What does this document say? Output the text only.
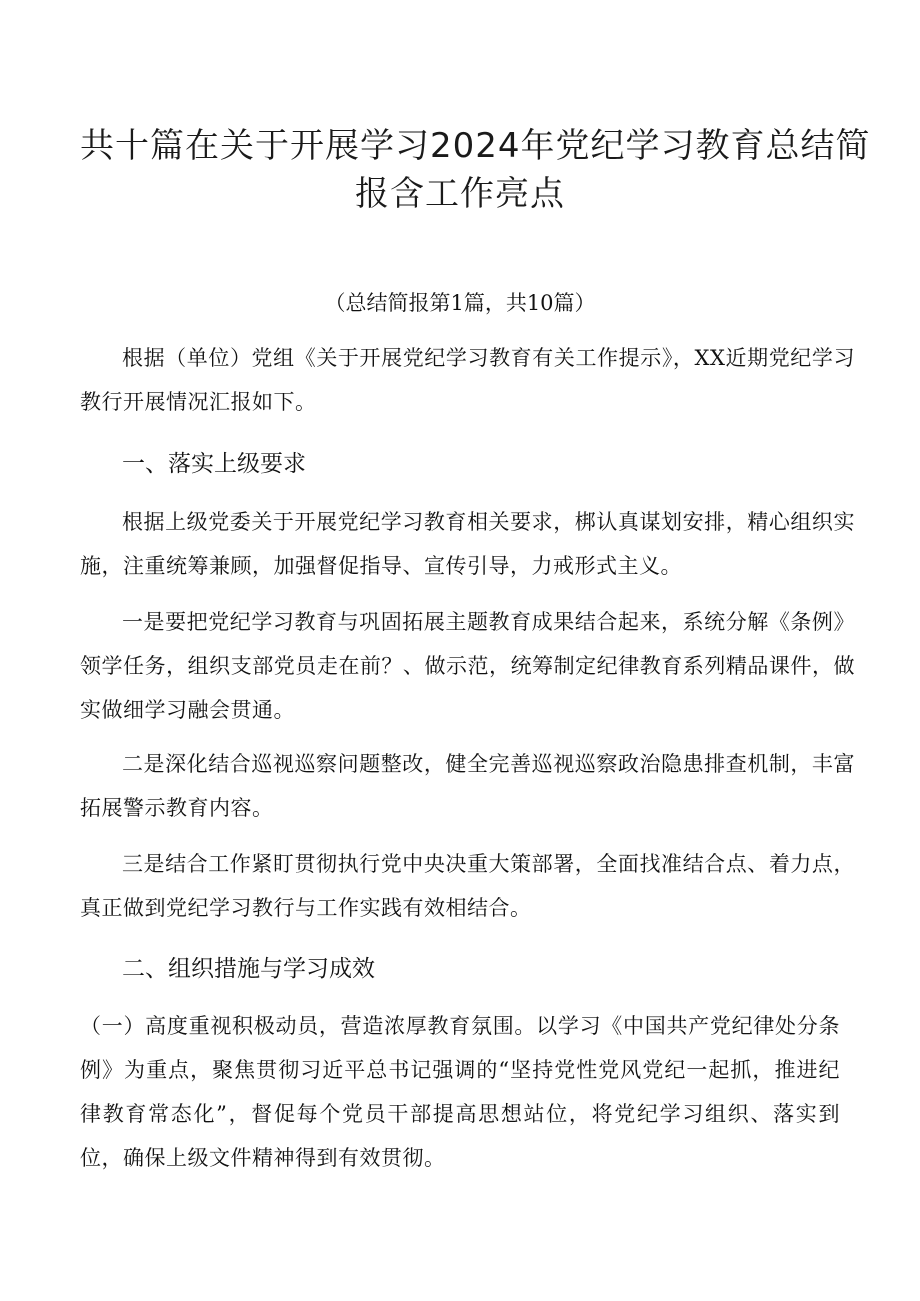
共十篇在关于开展学习2024年党纪学习教育总结简
报含工作亮点
（总结简报第1篇，共10篇）
根据（单位）党组《关于开展党纪学习教育有关工作提示》，XX近期党纪学习教行开展情况汇报如下。
一、落实上级要求
根据上级党委关于开展党纪学习教育相关要求，梆认真谋划安排，精心组织实施，注重统筹兼顾，加强督促指导、宣传引导，力戒形式主义。
一是要把党纪学习教育与巩固拓展主题教育成果结合起来，系统分解《条例》领学任务，组织支部党员走在前？、做示范，统筹制定纪律教育系列精品课件，做实做细学习融会贯通。
二是深化结合巡视巡察问题整改，健全完善巡视巡察政治隐患排查机制，丰富拓展警示教育内容。
三是结合工作紧盯贯彻执行党中央决重大策部署，全面找准结合点、着力点，真正做到党纪学习教行与工作实践有效相结合。
二、组织措施与学习成效
（一）高度重视积极动员，营造浓厚教育氛围。以学习《中国共产党纪律处分条例》为重点，聚焦贯彻习近平总书记强调的“坚持党性党风党纪一起抓，推进纪律教育常态化”，督促每个党员干部提高思想站位，将党纪学习组织、落实到位，确保上级文件精神得到有效贯彻。
